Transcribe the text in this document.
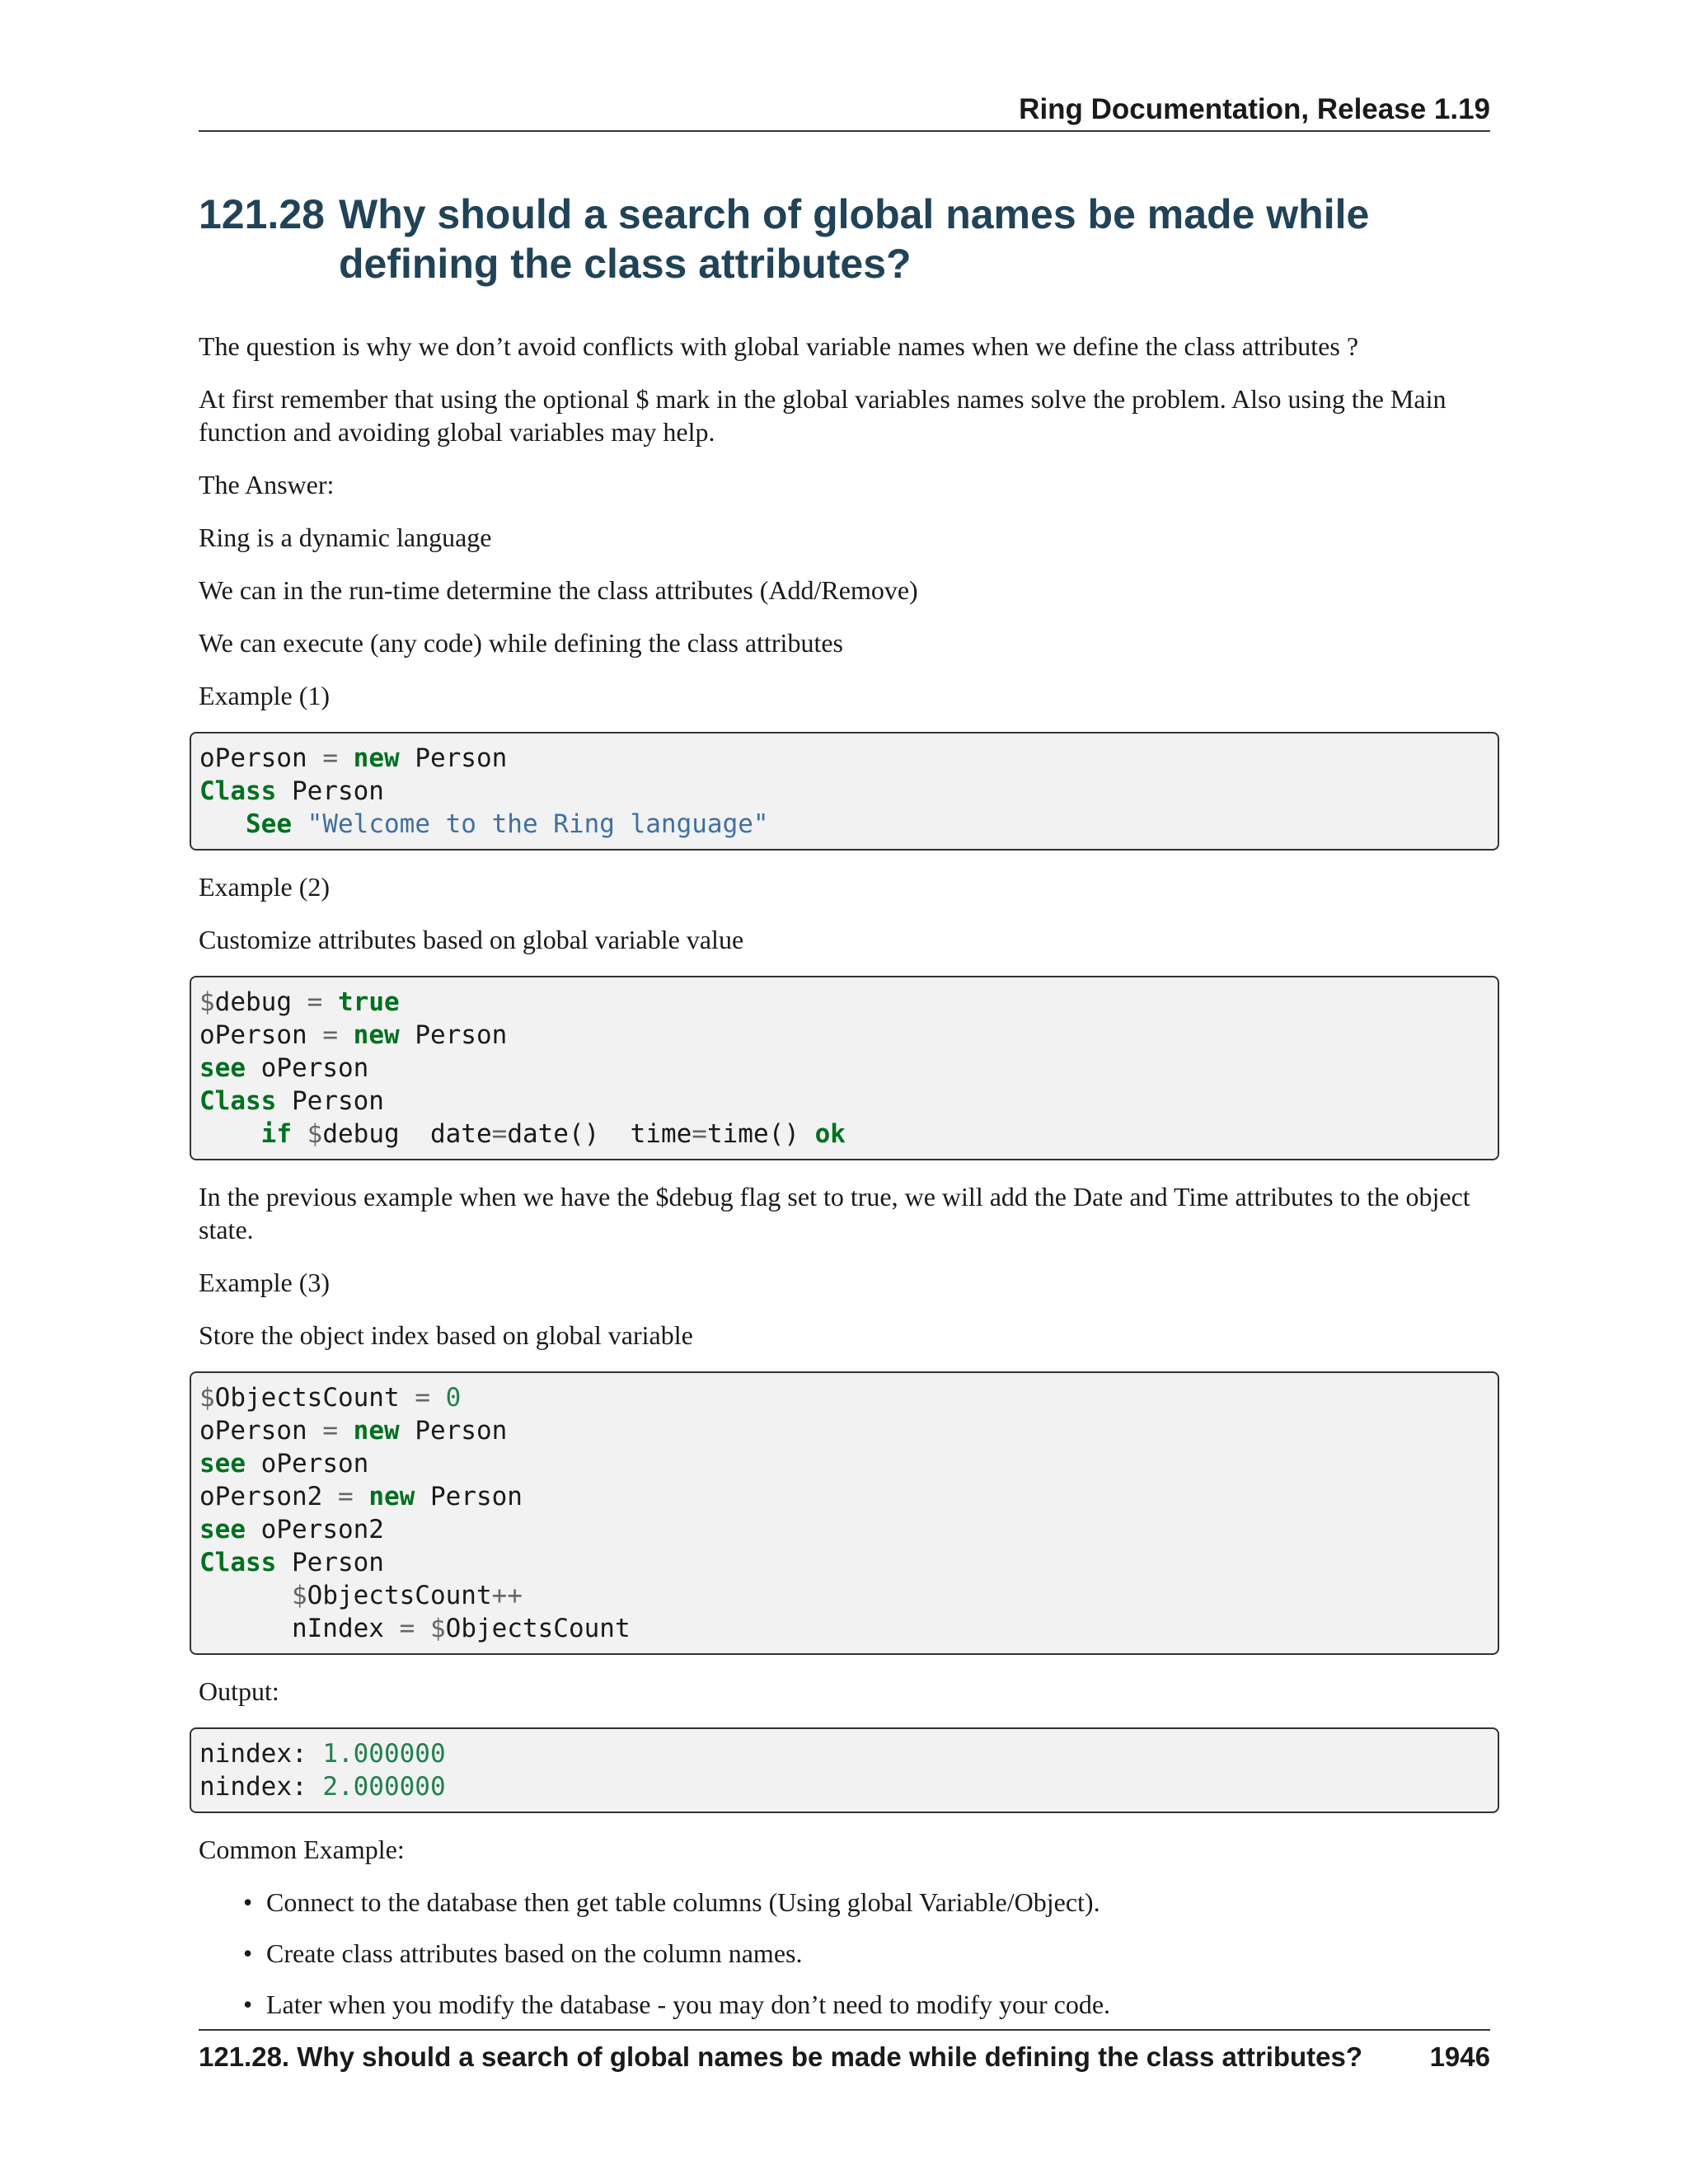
Ring Documentation, Release 1.19
121.28 Why should a search of global names be made while defining the class attributes?

The question is why we don’t avoid conflicts with global variable names when we define the class attributes ?

At first remember that using the optional $ mark in the global variables names solve the problem. Also using the Main function and avoiding global variables may help.

The Answer:

Ring is a dynamic language

We can in the run-time determine the class attributes (Add/Remove)

We can execute (any code) while defining the class attributes

Example (1)

oPerson = new Person
Class Person
See "Welcome to the Ring language"

Example (2)

Customize attributes based on global variable value

$debug = true
oPerson = new Person
see oPerson
Class Person
if $debug  date=date()  time=time() ok

In the previous example when we have the $debug flag set to true, we will add the Date and Time attributes to the object state.

Example (3)

Store the object index based on global variable

$ObjectsCount = 0
oPerson = new Person
see oPerson
oPerson2 = new Person
see oPerson2
Class Person
$ObjectsCount++
nIndex = $ObjectsCount

Output:

nindex: 1.000000
nindex: 2.000000

Common Example:

• Connect to the database then get table columns (Using global Variable/Object).
• Create class attributes based on the column names.
• Later when you modify the database - you may don’t need to modify your code.
121.28. Why should a search of global names be made while defining the class attributes? 1946
